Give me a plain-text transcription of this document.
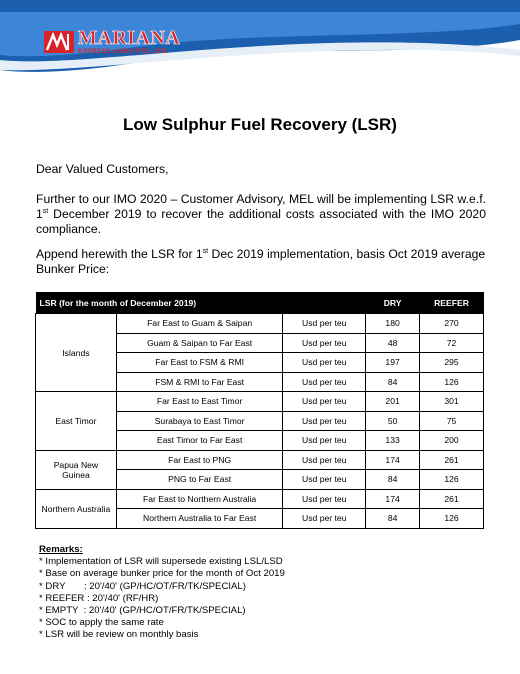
MARIANA
EXPRESS LINES PTE. LTD.
Low Sulphur Fuel Recovery (LSR)

Dear Valued Customers,

Further to our IMO 2020 – Customer Advisory, MEL will be implementing LSR w.e.f. 1st December 2019 to recover the additional costs associated with the IMO 2020 compliance.

Append herewith the LSR for 1st Dec 2019 implementation, basis Oct 2019 average Bunker Price:

LSR (for the month of December 2019)			DRY	REEFER
Islands	Far East to Guam & Saipan	Usd per teu	180	270
	Guam & Saipan to Far East	Usd per teu	48	72
	Far East to FSM & RMI	Usd per teu	197	295
	FSM & RMI to Far East	Usd per teu	84	126
East Timor	Far East to East Timor	Usd per teu	201	301
	Surabaya to East Timor	Usd per teu	50	75
	East Timor to Far East	Usd per teu	133	200
Papua New Guinea	Far East to PNG	Usd per teu	174	261
	PNG to Far East	Usd per teu	84	126
Northern Australia	Far East to Northern Australia	Usd per teu	174	261
	Northern Australia to Far East	Usd per teu	84	126
Remarks:
* Implementation of LSR will supersede existing LSL/LSD
* Base on average bunker price for the month of Oct 2019
* DRY       : 20'/40' (GP/HC/OT/FR/TK/SPECIAL)
* REEFER : 20'/40' (RF/HR)
* EMPTY  : 20'/40' (GP/HC/OT/FR/TK/SPECIAL)
* SOC to apply the same rate
* LSR will be review on monthly basis
